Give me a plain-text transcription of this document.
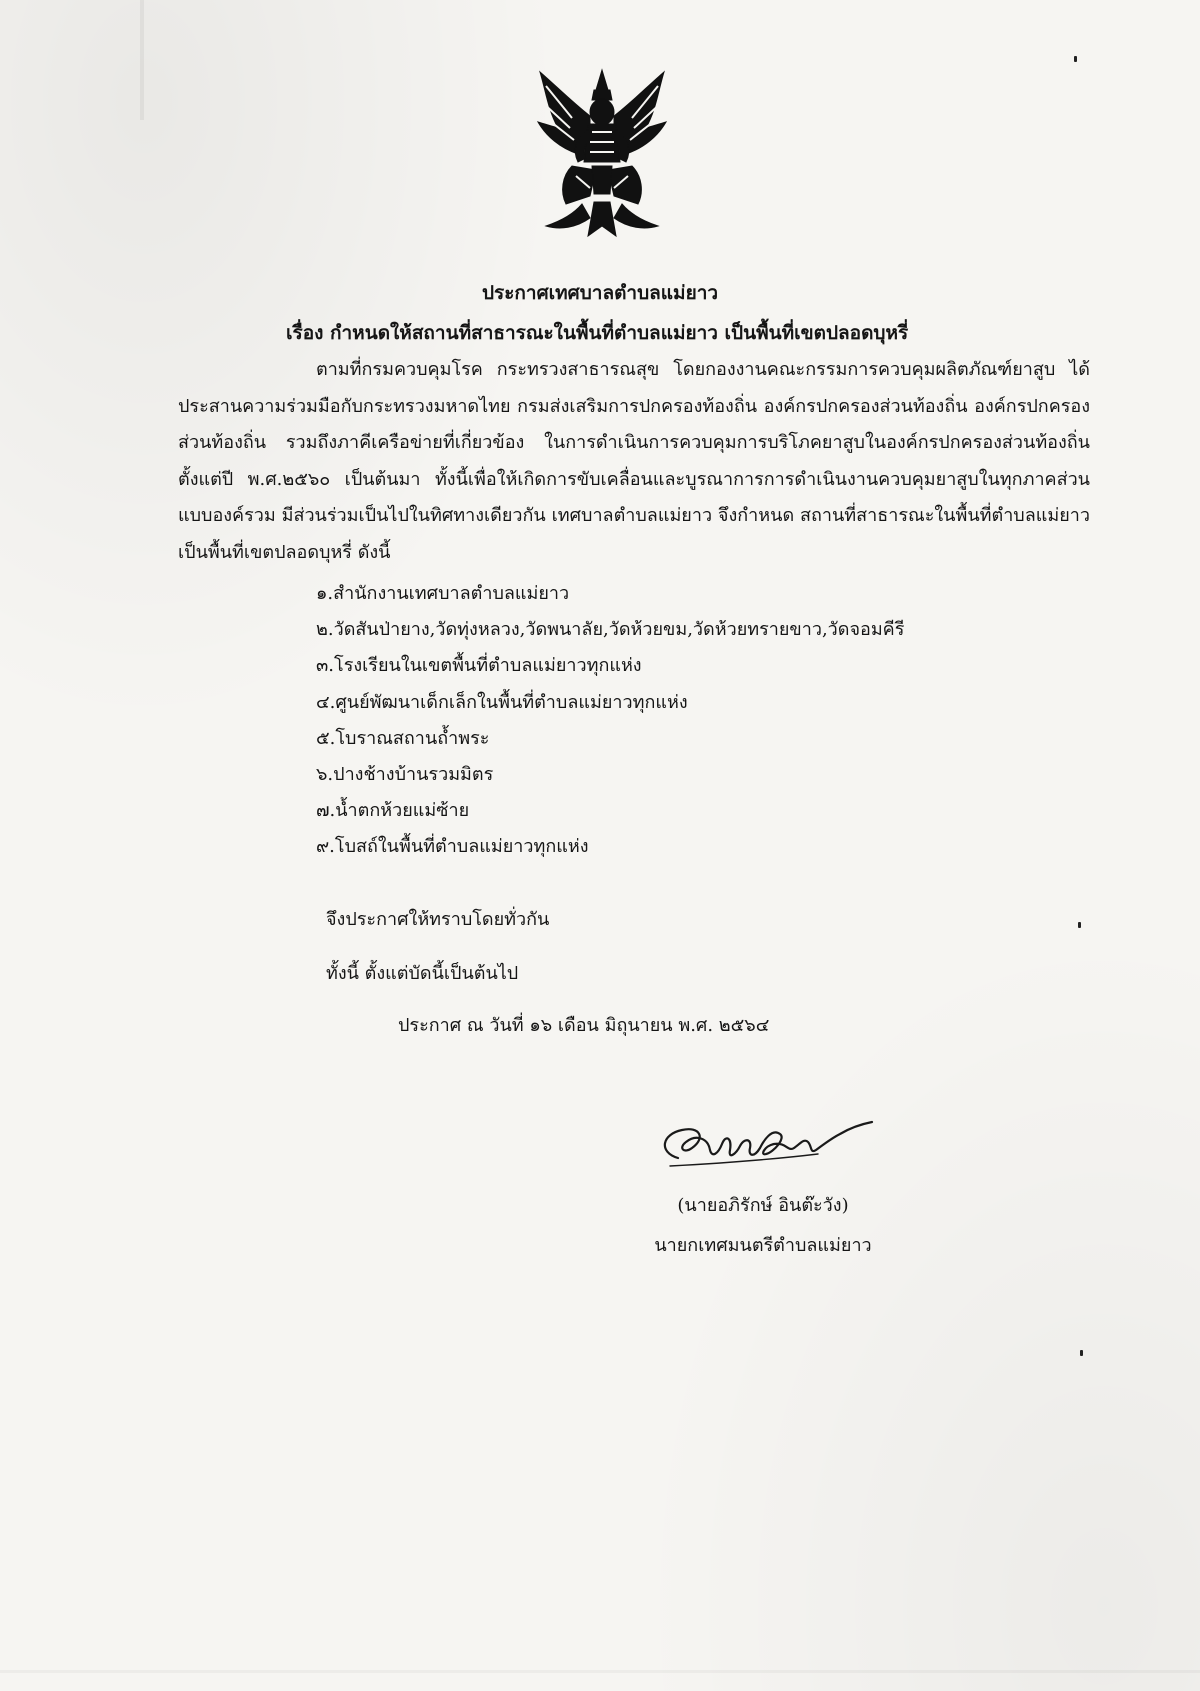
ประกาศเทศบาลตำบลแม่ยาว

เรื่อง กำหนดให้สถานที่สาธารณะในพื้นที่ตำบลแม่ยาว เป็นพื้นที่เขตปลอดบุหรี่

ตามที่กรมควบคุมโรค กระทรวงสาธารณสุข โดยกองงานคณะกรรมการควบคุมผลิตภัณฑ์ยาสูบ ได้ประสานความร่วมมือกับกระทรวงมหาดไทย กรมส่งเสริมการปกครองท้องถิ่น องค์กรปกครองส่วนท้องถิ่น องค์กรปกครองส่วนท้องถิ่น รวมถึงภาคีเครือข่ายที่เกี่ยวข้อง ในการดำเนินการควบคุมการบริโภคยาสูบในองค์กรปกครองส่วนท้องถิ่น ตั้งแต่ปี พ.ศ.๒๕๖๐ เป็นต้นมา ทั้งนี้เพื่อให้เกิดการขับเคลื่อนและบูรณาการการดำเนินงานควบคุมยาสูบในทุกภาคส่วนแบบองค์รวม มีส่วนร่วมเป็นไปในทิศทางเดียวกัน เทศบาลตำบลแม่ยาว จึงกำหนด สถานที่สาธารณะในพื้นที่ตำบลแม่ยาว เป็นพื้นที่เขตปลอดบุหรี่ ดังนี้

๑.สำนักงานเทศบาลตำบลแม่ยาว
๒.วัดสันป่ายาง,วัดทุ่งหลวง,วัดพนาลัย,วัดห้วยขม,วัดห้วยทรายขาว,วัดจอมคีรี
๓.โรงเรียนในเขตพื้นที่ตำบลแม่ยาวทุกแห่ง
๔.ศูนย์พัฒนาเด็กเล็กในพื้นที่ตำบลแม่ยาวทุกแห่ง
๕.โบราณสถานถ้ำพระ
๖.ปางช้างบ้านรวมมิตร
๗.น้ำตกห้วยแม่ซ้าย
๙.โบสถ์ในพื้นที่ตำบลแม่ยาวทุกแห่ง

จึงประกาศให้ทราบโดยทั่วกัน

ทั้งนี้ ตั้งแต่บัดนี้เป็นต้นไป

ประกาศ ณ วันที่ ๑๖ เดือน มิถุนายน พ.ศ. ๒๕๖๔

(นายอภิรักษ์ อินต๊ะวัง)

นายกเทศมนตรีตำบลแม่ยาว
